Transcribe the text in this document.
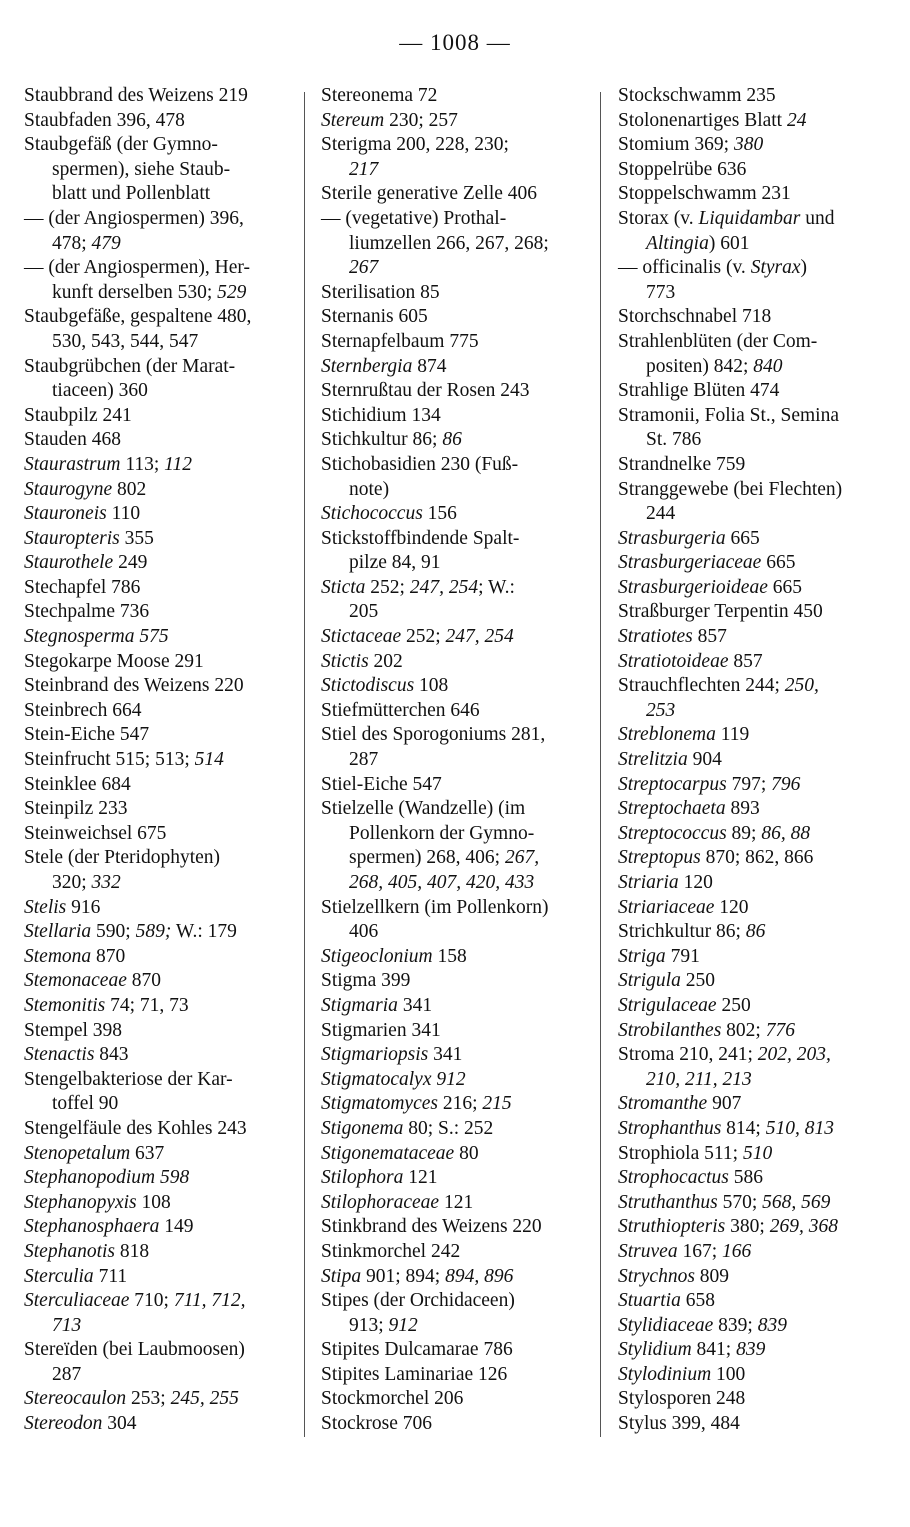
— 1008 —
Staubbrand des Weizens 219
Staubfaden 396, 478
Staubgefäß (der Gymno-
spermen), siehe Staub-
blatt und Pollenblatt
— (der Angiospermen) 396,
478; 479
— (der Angiospermen), Her-
kunft derselben 530; 529
Staubgefäße, gespaltene 480,
530, 543, 544, 547
Staubgrübchen (der Marat-
tiaceen) 360
Staubpilz 241
Stauden 468
Staurastrum 113; 112
Staurogyne 802
Stauroneis 110
Stauropteris 355
Staurothele 249
Stechapfel 786
Stechpalme 736
Stegnosperma 575
Stegokarpe Moose 291
Steinbrand des Weizens 220
Steinbrech 664
Stein-Eiche 547
Steinfrucht 515; 513; 514
Steinklee 684
Steinpilz 233
Steinweichsel 675
Stele (der Pteridophyten)
320; 332
Stelis 916
Stellaria 590; 589; W.: 179
Stemona 870
Stemonaceae 870
Stemonitis 74; 71, 73
Stempel 398
Stenactis 843
Stengelbakteriose der Kar-
toffel 90
Stengelfäule des Kohles 243
Stenopetalum 637
Stephanopodium 598
Stephanopyxis 108
Stephanosphaera 149
Stephanotis 818
Sterculia 711
Sterculiaceae 710; 711, 712,
713
Stereïden (bei Laubmoosen)
287
Stereocaulon 253; 245, 255
Stereodon 304
Stereonema 72
Stereum 230; 257
Sterigma 200, 228, 230;
217
Sterile generative Zelle 406
— (vegetative) Prothal-
liumzellen 266, 267, 268;
267
Sterilisation 85
Sternanis 605
Sternapfelbaum 775
Sternbergia 874
Sternrußtau der Rosen 243
Stichidium 134
Stichkultur 86; 86
Stichobasidien 230 (Fuß-
note)
Stichococcus 156
Stickstoffbindende Spalt-
pilze 84, 91
Sticta 252; 247, 254; W.:
205
Stictaceae 252; 247, 254
Stictis 202
Stictodiscus 108
Stiefmütterchen 646
Stiel des Sporogoniums 281,
287
Stiel-Eiche 547
Stielzelle (Wandzelle) (im
Pollenkorn der Gymno-
spermen) 268, 406; 267,
268, 405, 407, 420, 433
Stielzellkern (im Pollenkorn)
406
Stigeoclonium 158
Stigma 399
Stigmaria 341
Stigmarien 341
Stigmariopsis 341
Stigmatocalyx 912
Stigmatomyces 216; 215
Stigonema 80; S.: 252
Stigonemataceae 80
Stilophora 121
Stilophoraceae 121
Stinkbrand des Weizens 220
Stinkmorchel 242
Stipa 901; 894; 894, 896
Stipes (der Orchidaceen)
913; 912
Stipites Dulcamarae 786
Stipites Laminariae 126
Stockmorchel 206
Stockrose 706
Stockschwamm 235
Stolonenartiges Blatt 24
Stomium 369; 380
Stoppelrübe 636
Stoppelschwamm 231
Storax (v. Liquidambar und
Altingia) 601
— officinalis (v. Styrax)
773
Storchschnabel 718
Strahlenblüten (der Com-
positen) 842; 840
Strahlige Blüten 474
Stramonii, Folia St., Semina
St. 786
Strandnelke 759
Stranggewebe (bei Flechten)
244
Strasburgeria 665
Strasburgeriaceae 665
Strasburgerioideae 665
Straßburger Terpentin 450
Stratiotes 857
Stratiotoideae 857
Strauchflechten 244; 250,
253
Streblonema 119
Strelitzia 904
Streptocarpus 797; 796
Streptochaeta 893
Streptococcus 89; 86, 88
Streptopus 870; 862, 866
Striaria 120
Striariaceae 120
Strichkultur 86; 86
Striga 791
Strigula 250
Strigulaceae 250
Strobilanthes 802; 776
Stroma 210, 241; 202, 203,
210, 211, 213
Stromanthe 907
Strophanthus 814; 510, 813
Strophiola 511; 510
Strophocactus 586
Struthanthus 570; 568, 569
Struthiopteris 380; 269, 368
Struvea 167; 166
Strychnos 809
Stuartia 658
Stylidiaceae 839; 839
Stylidium 841; 839
Stylodinium 100
Stylosporen 248
Stylus 399, 484
